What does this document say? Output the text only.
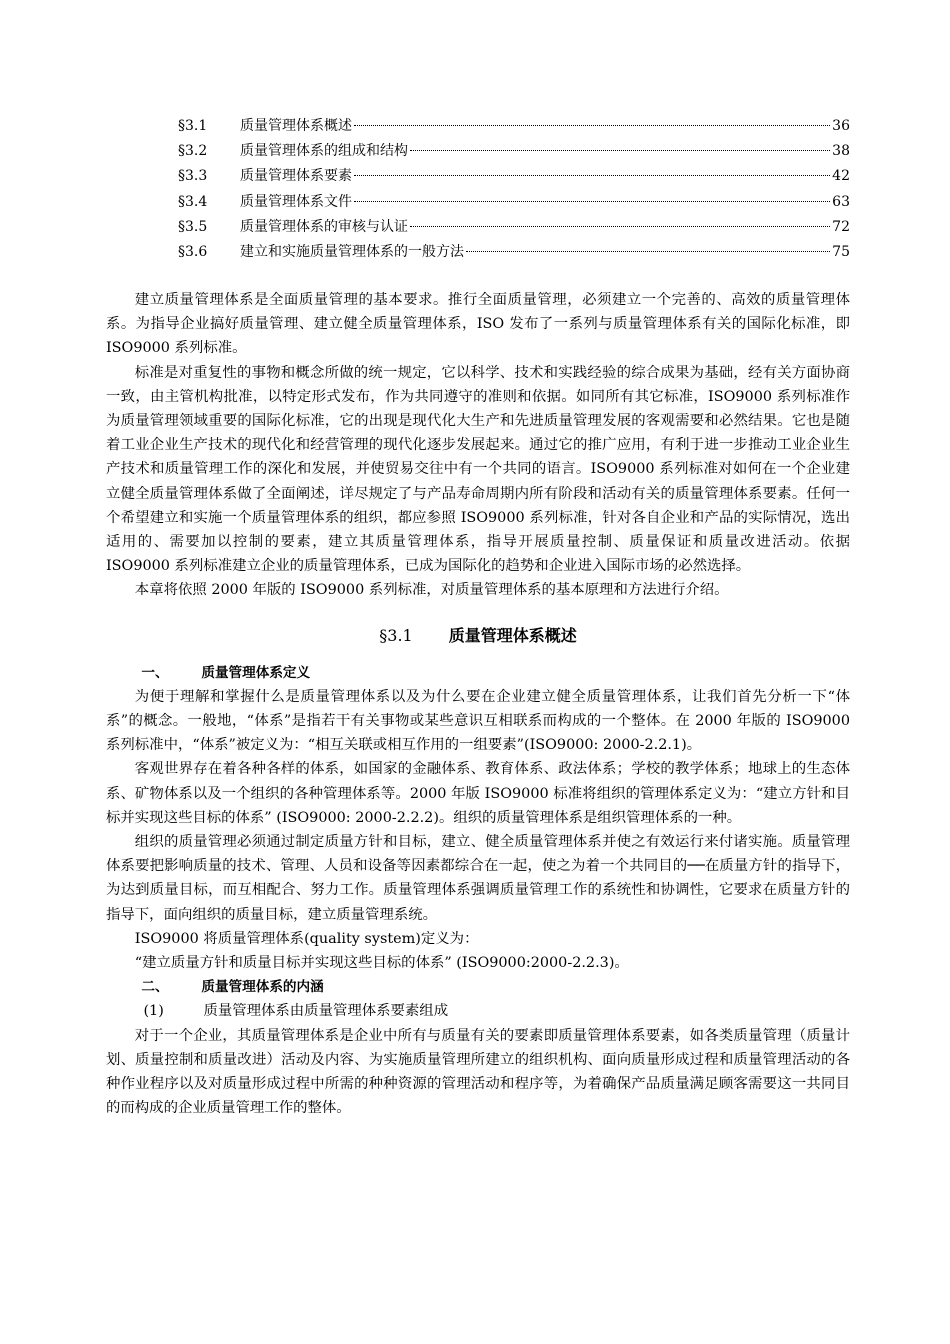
§3.1	质量管理体系概述	36
§3.2	质量管理体系的组成和结构	38
§3.3	质量管理体系要素	42
§3.4	质量管理体系文件	63
§3.5	质量管理体系的审核与认证	72
§3.6	建立和实施质量管理体系的一般方法	75

建立质量管理体系是全面质量管理的基本要求。推行全面质量管理，必须建立一个完善的、高效的质量管理体系。为指导企业搞好质量管理、建立健全质量管理体系，ISO 发布了一系列与质量管理体系有关的国际化标准，即 ISO9000 系列标准。

标准是对重复性的事物和概念所做的统一规定，它以科学、技术和实践经验的综合成果为基础，经有关方面协商一致，由主管机构批准，以特定形式发布，作为共同遵守的准则和依据。如同所有其它标准，ISO9000 系列标准作为质量管理领域重要的国际化标准，它的出现是现代化大生产和先进质量管理发展的客观需要和必然结果。它也是随着工业企业生产技术的现代化和经营管理的现代化逐步发展起来。通过它的推广应用，有利于进一步推动工业企业生产技术和质量管理工作的深化和发展，并使贸易交往中有一个共同的语言。ISO9000 系列标准对如何在一个企业建立健全质量管理体系做了全面阐述，详尽规定了与产品寿命周期内所有阶段和活动有关的质量管理体系要素。任何一个希望建立和实施一个质量管理体系的组织，都应参照 ISO9000 系列标准，针对各自企业和产品的实际情况，选出适用的、需要加以控制的要素，建立其质量管理体系，指导开展质量控制、质量保证和质量改进活动。依据 ISO9000 系列标准建立企业的质量管理体系，已成为国际化的趋势和企业进入国际市场的必然选择。

本章将依照 2000 年版的 ISO9000 系列标准，对质量管理体系的基本原理和方法进行介绍。

§3.1 质量管理体系概述

一、 质量管理体系定义

为便于理解和掌握什么是质量管理体系以及为什么要在企业建立健全质量管理体系，让我们首先分析一下“体系”的概念。一般地，“体系”是指若干有关事物或某些意识互相联系而构成的一个整体。在 2000 年版的 ISO9000 系列标准中，“体系”被定义为：“相互关联或相互作用的一组要素”(ISO9000: 2000-2.2.1)。

客观世界存在着各种各样的体系，如国家的金融体系、教育体系、政法体系；学校的教学体系；地球上的生态体系、矿物体系以及一个组织的各种管理体系等。2000 年版 ISO9000 标准将组织的管理体系定义为：“建立方针和目标并实现这些目标的体系” (ISO9000: 2000-2.2.2)。组织的质量管理体系是组织管理体系的一种。

组织的质量管理必须通过制定质量方针和目标，建立、健全质量管理体系并使之有效运行来付诸实施。质量管理体系要把影响质量的技术、管理、人员和设备等因素都综合在一起，使之为着一个共同目的──在质量方针的指导下，为达到质量目标，而互相配合、努力工作。质量管理体系强调质量管理工作的系统性和协调性，它要求在质量方针的指导下，面向组织的质量目标，建立质量管理系统。

ISO9000 将质量管理体系(quality system)定义为：

“建立质量方针和质量目标并实现这些目标的体系” (ISO9000:2000-2.2.3)。

二、 质量管理体系的内涵

(1)	质量管理体系由质量管理体系要素组成

对于一个企业，其质量管理体系是企业中所有与质量有关的要素即质量管理体系要素，如各类质量管理（质量计划、质量控制和质量改进）活动及内容、为实施质量管理所建立的组织机构、面向质量形成过程和质量管理活动的各种作业程序以及对质量形成过程中所需的种种资源的管理活动和程序等，为着确保产品质量满足顾客需要这一共同目的而构成的企业质量管理工作的整体。
